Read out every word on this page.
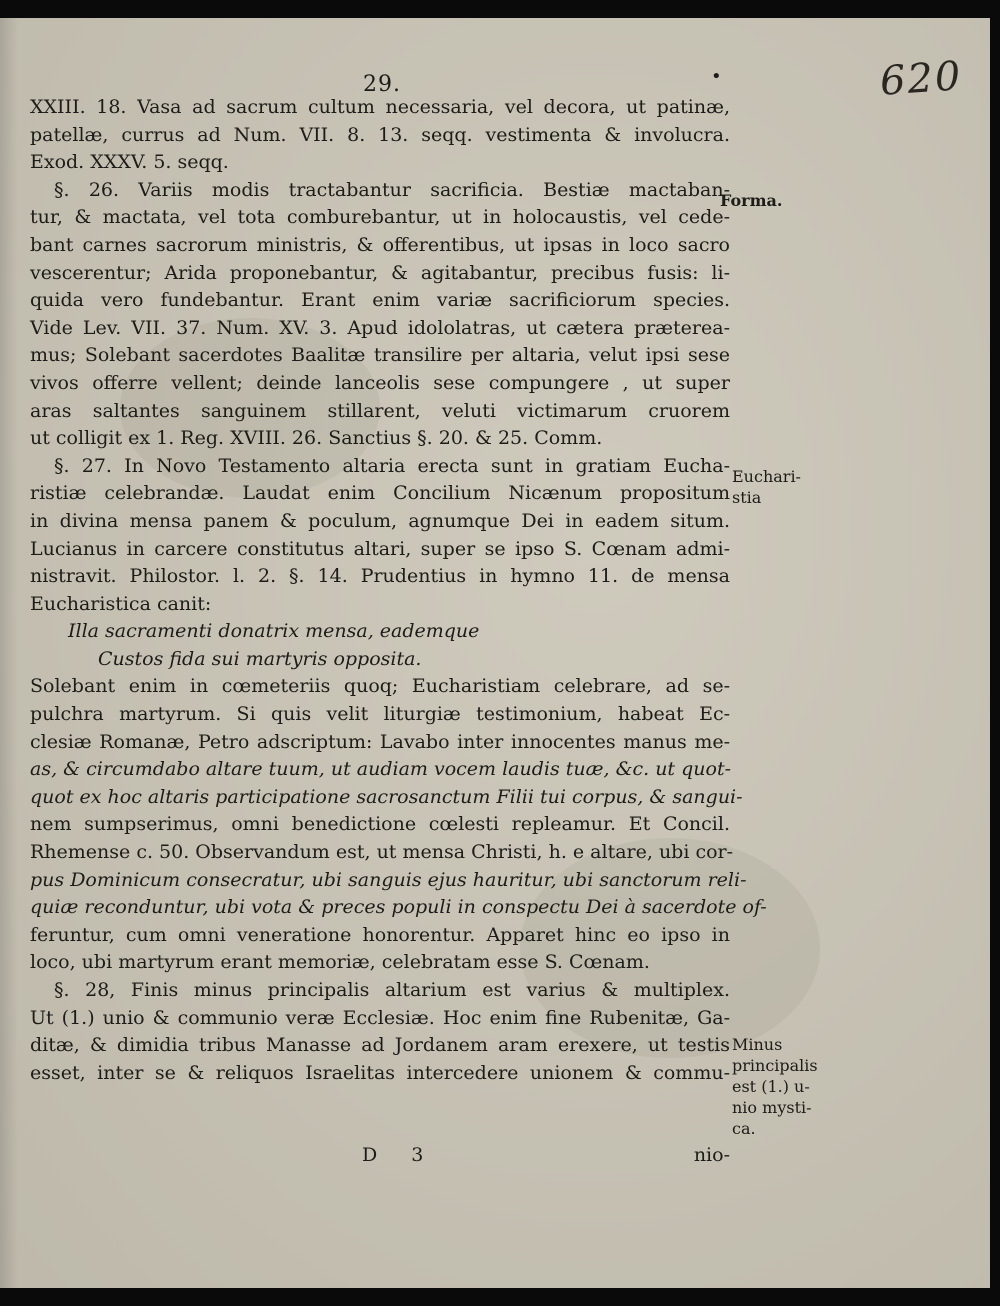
29.	•	620
XXIII. 18. Vasa ad sacrum cultum necessaria, vel decora, ut patinæ,
patellæ, currus ad Num. VII. 8. 13. seqq. vestimenta & involucra.
Exod. XXXV. 5. seqq.
§. 26. Variis modis tractabantur sacrificia. Bestiæ mactaban-
tur, & mactata, vel tota comburebantur, ut in holocaustis, vel cede-
bant carnes sacrorum ministris, & offerentibus, ut ipsas in loco sacro
vescerentur; Arida proponebantur, & agitabantur, precibus fusis: li-
quida vero fundebantur. Erant enim variæ sacrificiorum species.
Vide Lev. VII. 37. Num. XV. 3. Apud idololatras, ut cætera præterea-
mus; Solebant sacerdotes Baalitæ transilire per altaria, velut ipsi sese
vivos offerre vellent; deinde lanceolis sese compungere , ut super
aras saltantes sanguinem stillarent, veluti victimarum cruorem
ut colligit ex 1. Reg. XVIII. 26. Sanctius §. 20. & 25. Comm.
§. 27. In Novo Testamento altaria erecta sunt in gratiam Eucha-
ristiæ celebrandæ. Laudat enim Concilium Nicænum propositum
in divina mensa panem & poculum, agnumque Dei in eadem situm.
Lucianus in carcere constitutus altari, super se ipso S. Cœnam admi-
nistravit. Philostor. l. 2. §. 14. Prudentius in hymno 11. de mensa
Eucharistica canit:
Illa sacramenti donatrix mensa, eademque
Custos fida sui martyris opposita.
Solebant enim in cœmeteriis quoq; Eucharistiam celebrare, ad se-
pulchra martyrum. Si quis velit liturgiæ testimonium, habeat Ec-
clesiæ Romanæ, Petro adscriptum: Lavabo inter innocentes manus me-
as, & circumdabo altare tuum, ut audiam vocem laudis tuæ, &c. ut quot-
quot ex hoc altaris participatione sacrosanctum Filii tui corpus, & sangui-
nem sumpserimus, omni benedictione cœlesti repleamur. Et Concil.
Rhemense c. 50. Observandum est, ut mensa Christi, h. e altare, ubi cor-
pus Dominicum consecratur, ubi sanguis ejus hauritur, ubi sanctorum reli-
quiæ reconduntur, ubi vota & preces populi in conspectu Dei à sacerdote of-
feruntur, cum omni veneratione honorentur. Apparet hinc eo ipso in
loco, ubi martyrum erant memoriæ, celebratam esse S. Cœnam.
§. 28, Finis minus principalis altarium est varius & multiplex.
Ut (1.) unio & communio veræ Ecclesiæ. Hoc enim fine Rubenitæ, Ga-
ditæ, & dimidia tribus Manasse ad Jordanem aram erexere, ut testis
esset, inter se & reliquos Israelitas intercedere unionem & commu-
D 3	nio-
Forma.
Euchari-
stia
Minus
principalis
est (1.) u-
nio mysti-
ca.
